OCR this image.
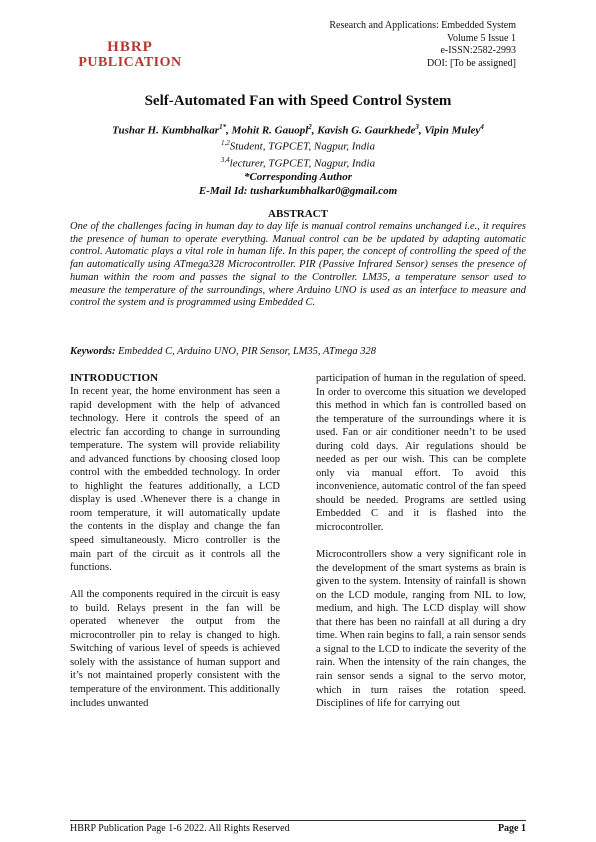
HBRP
PUBLICATION
Research and Applications: Embedded System
Volume 5 Issue 1
e-ISSN:2582-2993
DOI: [To be assigned]
Self-Automated Fan with Speed Control System
Tushar H. Kumbhalkar$^{1*}$, Mohit R. Gauopl$^2$, Kavish G. Gaurkhede$^3$, Vipin Muley$^4$
$^{1,2}$Student, TGPCET, Nagpur, India
$^{3,4}$lecturer, TGPCET, Nagpur, India
*Corresponding Author
E-Mail Id: tusharkumbhalkar0@gmail.com
ABSTRACT
One of the challenges facing in human day to day life is manual control remains unchanged i.e., it requires the presence of human to operate everything. Manual control can be be updated by adapting automatic control. Automatic plays a vital role in human life. In this paper, the concept of controlling the speed of the fan automatically using ATmega328 Microcontroller. PIR (Passive Infrared Sensor) senses the presence of human within the room and passes the signal to the Controller. LM35, a temperature sensor used to measure the temperature of the surroundings, where Arduino UNO is used as an interface to measure and control the system and is programmed using Embedded C.
Keywords: Embedded C, Arduino UNO, PIR Sensor, LM35, ATmega 328
INTRODUCTION

In recent year, the home environment has seen a rapid development with the help of advanced technology. Here it controls the speed of an electric fan according to change in surrounding temperature. The system will provide reliability and advanced functions by choosing closed loop control with the embedded technology. In order to highlight the features additionally, a LCD display is used .Whenever there is a change in room temperature, it will automatically update the contents in the display and change the fan speed simultaneously. Micro controller is the main part of the circuit as it controls all the functions.

All the components required in the circuit is easy to build. Relays present in the fan will be operated whenever the output from the microcontroller pin to relay is changed to high. Switching of various level of speeds is achieved solely with the assistance of human support and it’s not maintained properly consistent with the temperature of the environment. This additionally includes unwanted

participation of human in the regulation of speed. In order to overcome this situation we developed this method in which fan is controlled based on the temperature of the surroundings where it is used. Fan or air conditioner needn’t to be used during cold days. Air regulations should be needed as per our wish. This can be complete only via manual effort. To avoid this inconvenience, automatic control of the fan speed should be needed. Programs are settled using Embedded C and it is flashed into the microcontroller.

Microcontrollers show a very significant role in the development of the smart systems as brain is given to the system. Intensity of rainfall is shown on the LCD module, ranging from NIL to low, medium, and high. The LCD display will show that there has been no rainfall at all during a dry time. When rain begins to fall, a rain sensor sends a signal to the LCD to indicate the severity of the rain. When the intensity of the rain changes, the rain sensor sends a signal to the servo motor, which in turn raises the rotation speed. Disciplines of life for carrying out

HBRP Publication Page 1-6 2022. All Rights Reserved	Page 1
